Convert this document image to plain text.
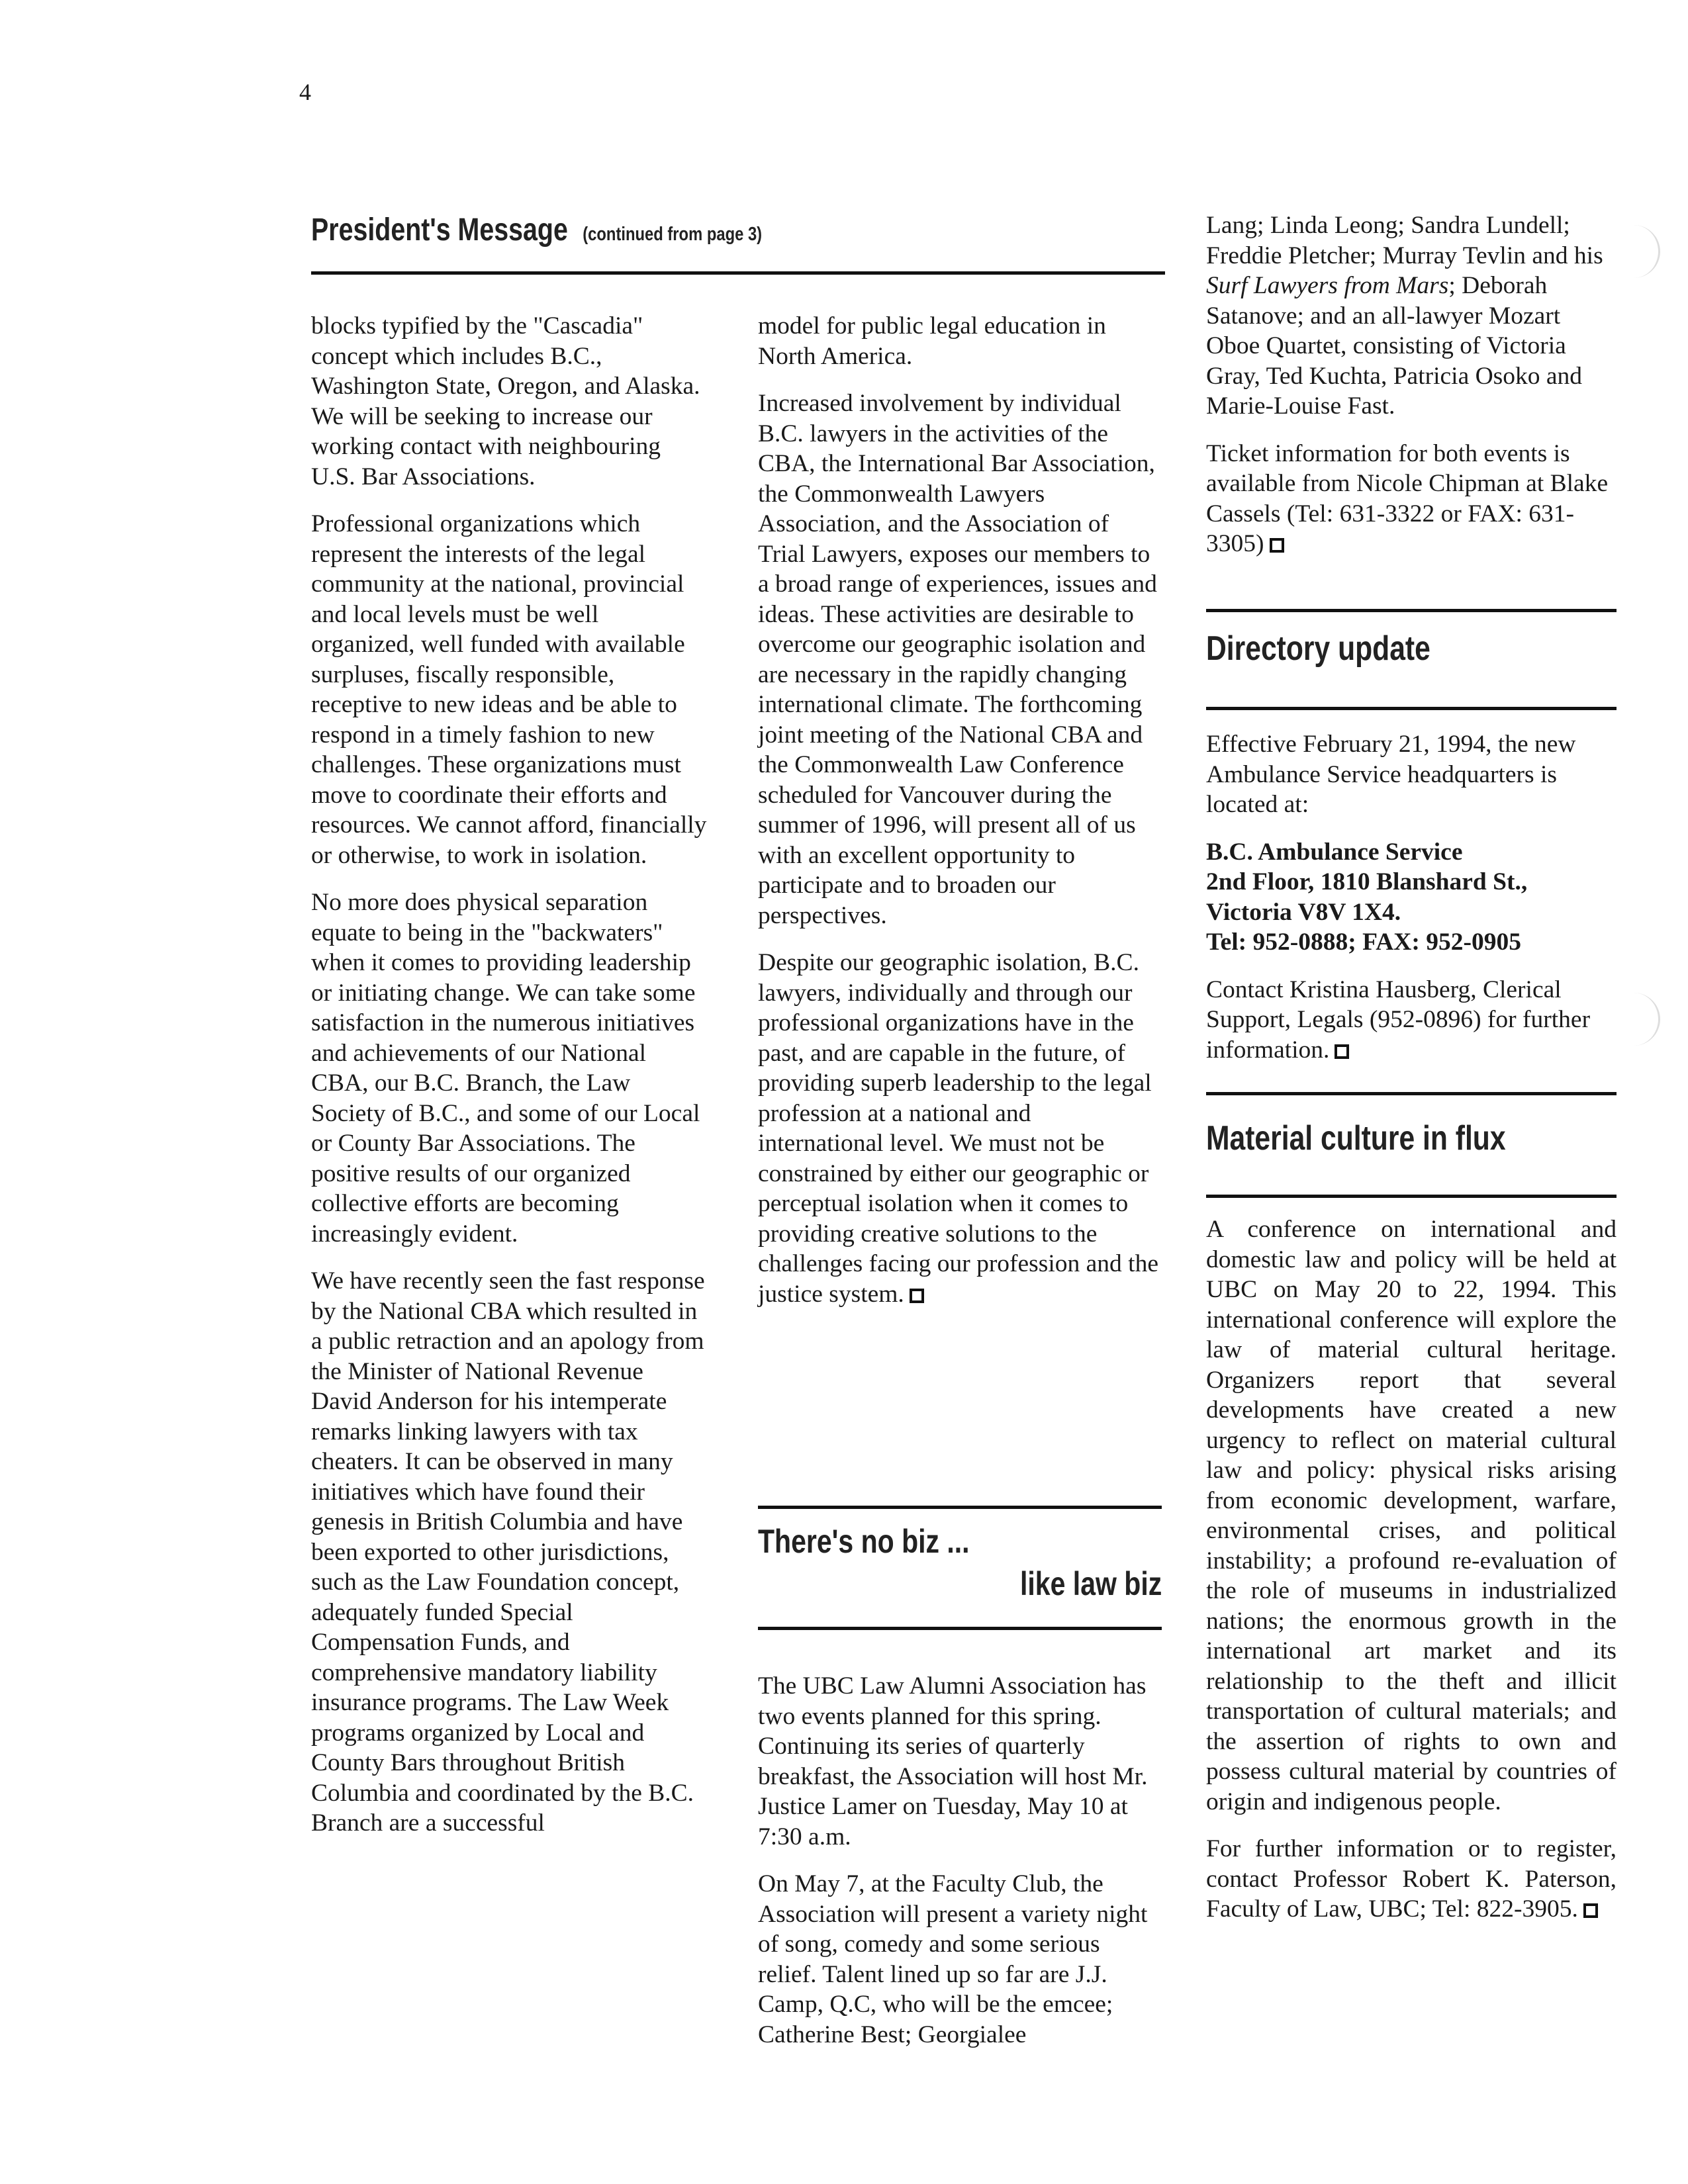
4
President's Message (continued from page 3)

blocks typified by the "Cascadia" concept which includes B.C., Washington State, Oregon, and Alaska. We will be seeking to increase our working contact with neighbouring U.S. Bar Associations.

Professional organizations which represent the interests of the legal community at the national, provincial and local levels must be well organized, well funded with available surpluses, fiscally responsible, receptive to new ideas and be able to respond in a timely fashion to new challenges. These organizations must move to coordinate their efforts and resources. We cannot afford, financially or otherwise, to work in isolation.

No more does physical separation equate to being in the "backwaters" when it comes to providing leadership or initiating change. We can take some satisfaction in the numerous initiatives and achievements of our National CBA, our B.C. Branch, the Law Society of B.C., and some of our Local or County Bar Associations. The positive results of our organized collective efforts are becoming increasingly evident.

We have recently seen the fast response by the National CBA which resulted in a public retraction and an apology from the Minister of National Revenue David Anderson for his intemperate remarks linking lawyers with tax cheaters. It can be observed in many initiatives which have found their genesis in British Columbia and have been exported to other jurisdictions, such as the Law Foundation concept, adequately funded Special Compensation Funds, and comprehensive mandatory liability insurance programs. The Law Week programs organized by Local and County Bars throughout British Columbia and coordinated by the B.C. Branch are a successful

model for public legal education in North America.

Increased involvement by individual B.C. lawyers in the activities of the CBA, the International Bar Association, the Commonwealth Lawyers Association, and the Association of Trial Lawyers, exposes our members to a broad range of experiences, issues and ideas. These activities are desirable to overcome our geographic isolation and are necessary in the rapidly changing international climate. The forthcoming joint meeting of the National CBA and the Commonwealth Law Conference scheduled for Vancouver during the summer of 1996, will present all of us with an excellent opportunity to participate and to broaden our perspectives.

Despite our geographic isolation, B.C. lawyers, individually and through our professional organizations have in the past, and are capable in the future, of providing superb leadership to the legal profession at a national and international level. We must not be constrained by either our geographic or perceptual isolation when it comes to providing creative solutions to the challenges facing our profession and the justice system.

There's no biz ...
like law biz

The UBC Law Alumni Association has two events planned for this spring. Continuing its series of quarterly breakfast, the Association will host Mr. Justice Lamer on Tuesday, May 10 at 7:30 a.m.

On May 7, at the Faculty Club, the Association will present a variety night of song, comedy and some serious relief. Talent lined up so far are J.J. Camp, Q.C, who will be the emcee; Catherine Best; Georgialee

Lang; Linda Leong; Sandra Lundell; Freddie Pletcher; Murray Tevlin and his Surf Lawyers from Mars; Deborah Satanove; and an all-lawyer Mozart Oboe Quartet, consisting of Victoria Gray, Ted Kuchta, Patricia Osoko and Marie-Louise Fast.

Ticket information for both events is available from Nicole Chipman at Blake Cassels (Tel: 631-3322 or FAX: 631-3305)

Directory update

Effective February 21, 1994, the new Ambulance Service headquarters is located at:

B.C. Ambulance Service
2nd Floor, 1810 Blanshard St.,
Victoria V8V 1X4.
Tel: 952-0888; FAX: 952-0905

Contact Kristina Hausberg, Clerical Support, Legals (952-0896) for further information.

Material culture in flux

A conference on international and domestic law and policy will be held at UBC on May 20 to 22, 1994. This international conference will explore the law of material cultural heritage. Organizers report that several developments have created a new urgency to reflect on material cultural law and policy: physical risks arising from economic development, warfare, environmental crises, and political instability; a profound re-evaluation of the role of museums in industrialized nations; the enormous growth in the international art market and its relationship to the theft and illicit transportation of cultural materials; and the assertion of rights to own and possess cultural material by countries of origin and indigenous people.

For further information or to register, contact Professor Robert K. Paterson, Faculty of Law, UBC; Tel: 822-3905.
